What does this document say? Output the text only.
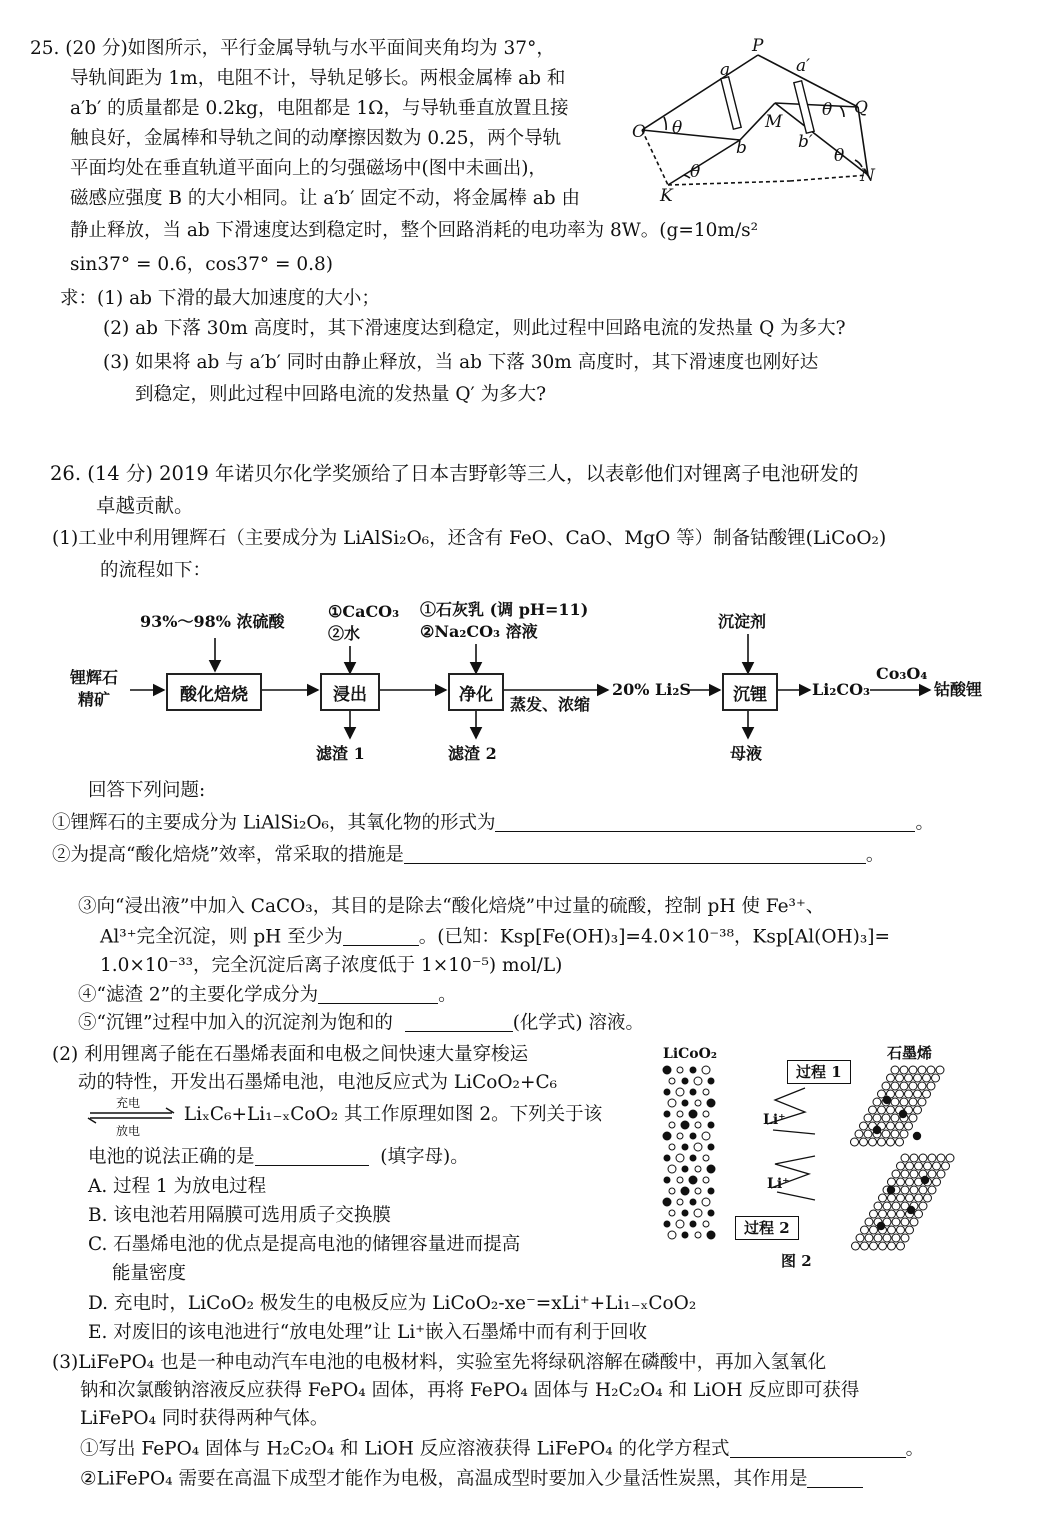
25. (20 分)如图所示，平行金属导轨与水平面间夹角均为 37°，
导轨间距为 1m，电阻不计，导轨足够长。两根金属棒 ab 和
a′b′ 的质量都是 0.2kg，电阻都是 1Ω，与导轨垂直放置且接
触良好，金属棒和导轨之间的动摩擦因数为 0.25，两个导轨
平面均处在垂直轨道平面向上的匀强磁场中(图中未画出)，
磁感应强度 B 的大小相同。让 a′b′ 固定不动，将金属棒 ab 由
静止释放，当 ab 下滑速度达到稳定时，整个回路消耗的电功率为 8W。(g=10m/s²
sin37° = 0.6，cos37° = 0.8)
求：(1) ab 下滑的最大加速度的大小；
(2) ab 下落 30m 高度时，其下滑速度达到稳定，则此过程中回路电流的发热量 Q 为多大?
(3) 如果将 ab 与 a′b′ 同时由静止释放，当 ab 下落 30m 高度时，其下滑速度也刚好达
到稳定，则此过程中回路电流的发热量 Q′ 为多大?
P
a	a′
O θ	M
θ Q
b	b′
θ
K
θ	N
26. (14 分) 2019 年诺贝尔化学奖颁给了日本吉野彰等三人，以表彰他们对锂离子电池研发的
卓越贡献。
(1)工业中利用锂辉石（主要成分为 LiAlSi₂O₆，还含有 FeO、CaO、MgO 等）制备钴酸锂(LiCoO₂)
的流程如下：
锂辉石
精矿
93%～98% 浓硫酸
酸化焙烧
①CaCO₃
②水
浸出
滤渣 1
①石灰乳 (调 pH=11)
②Na₂CO₃ 溶液
净化
滤渣 2
蒸发、浓缩
20% Li₂S
沉淀剂
沉锂
母液
Li₂CO₃
Co₃O₄
钴酸锂
回答下列问题:
①锂辉石的主要成分为 LiAlSi₂O₆，其氧化物的形式为	。
②为提高“酸化焙烧”效率，常采取的措施是	。
③向“浸出液”中加入 CaCO₃，其目的是除去“酸化焙烧”中过量的硫酸，控制 pH 使 Fe³⁺、
Al³⁺完全沉淀，则 pH 至少为	。(已知：Ksp[Fe(OH)₃]=4.0×10⁻³⁸，Ksp[Al(OH)₃]=
1.0×10⁻³³，完全沉淀后离子浓度低于 1×10⁻⁵) mol/L)
④“滤渣 2”的主要化学成分为	。
⑤“沉锂”过程中加入的沉淀剂为饱和的	(化学式) 溶液。
(2) 利用锂离子能在石墨烯表面和电极之间快速大量穿梭运
动的特性，开发出石墨烯电池，电池反应式为 LiCoO₂+C₆
充电
放电
LiₓC₆+Li₁₋ₓCoO₂ 其工作原理如图 2。下列关于该
电池的说法正确的是	(填字母)。
A. 过程 1 为放电过程
B. 该电池若用隔膜可选用质子交换膜
C. 石墨烯电池的优点是提高电池的储锂容量进而提高
能量密度
D. 充电时，LiCoO₂ 极发生的电极反应为 LiCoO₂-xe⁻=xLi⁺+Li₁₋ₓCoO₂
E. 对废旧的该电池进行“放电处理”让 Li⁺嵌入石墨烯中而有利于回收
LiCoO₂	石墨烯
过程 1
过程 2
Li⁺
Li⁺
图 2
(3)LiFePO₄ 也是一种电动汽车电池的电极材料，实验室先将绿矾溶解在磷酸中，再加入氢氧化
钠和次氯酸钠溶液反应获得 FePO₄ 固体，再将 FePO₄ 固体与 H₂C₂O₄ 和 LiOH 反应即可获得
LiFePO₄ 同时获得两种气体。
①写出 FePO₄ 固体与 H₂C₂O₄ 和 LiOH 反应溶液获得 LiFePO₄ 的化学方程式	。
②LiFePO₄ 需要在高温下成型才能作为电极，高温成型时要加入少量活性炭黑，其作用是
